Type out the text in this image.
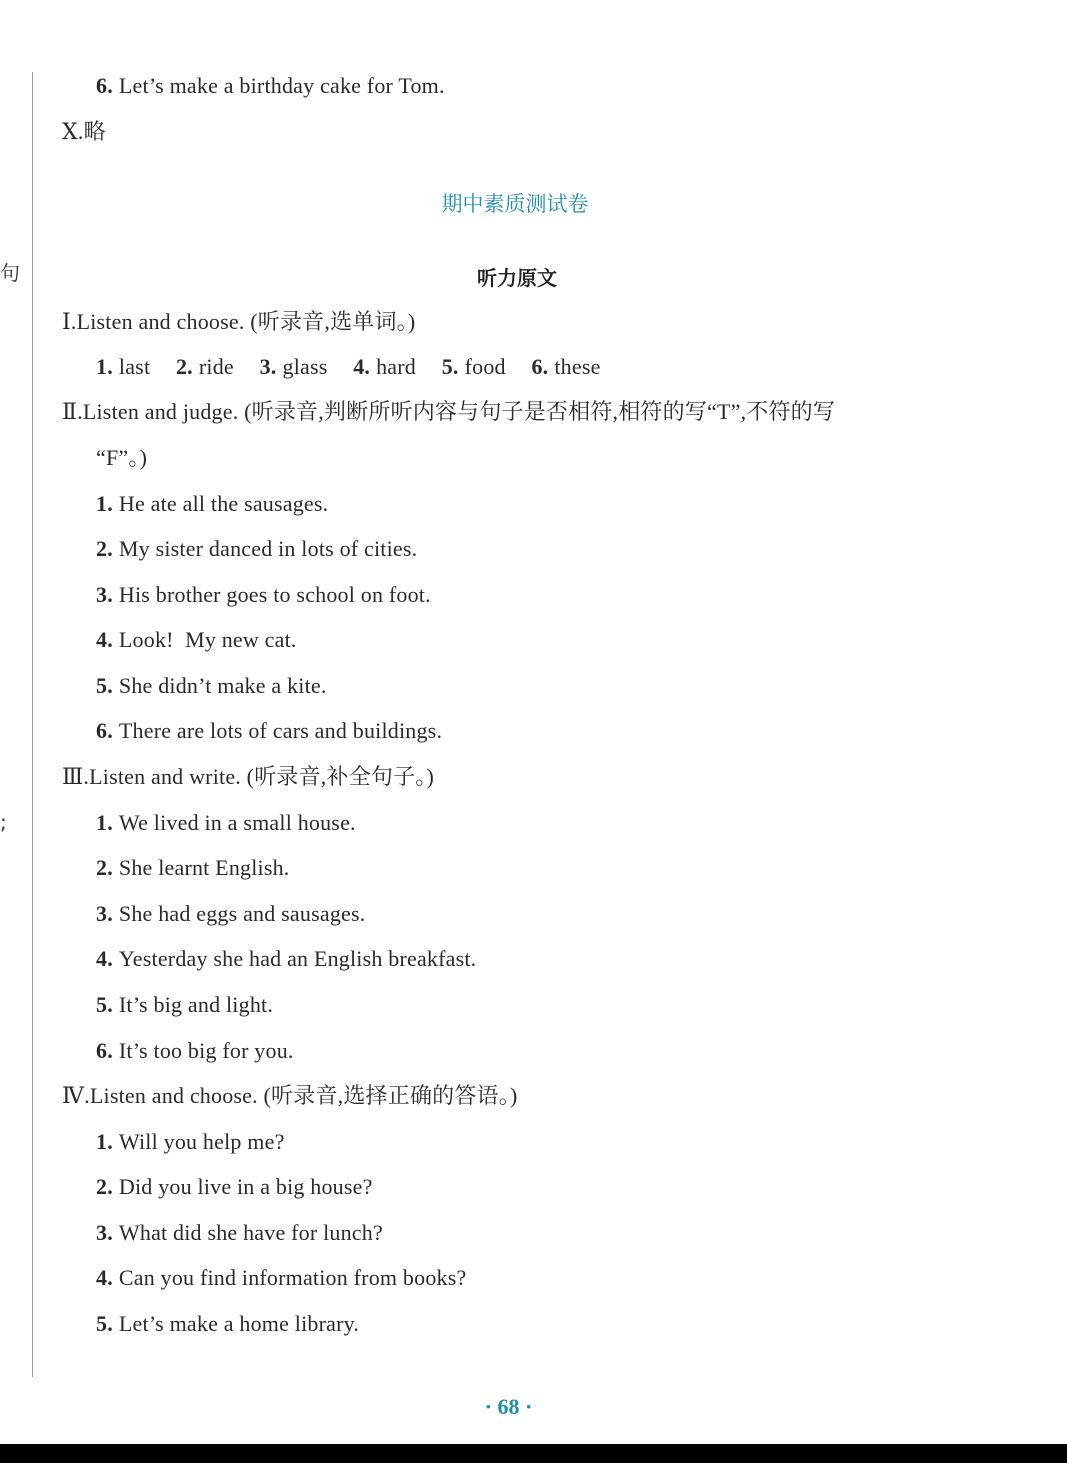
句
;
6. Let’s make a birthday cake for Tom.
Ⅹ.略
期中素质测试卷
听力原文
Ⅰ.Listen and choose. (听录音,选单词。)
1. last 2. ride 3. glass 4. hard 5. food 6. these
Ⅱ.Listen and judge. (听录音,判断所听内容与句子是否相符,相符的写“T”,不符的写
“F”。)
1. He ate all the sausages.
2. My sister danced in lots of cities.
3. His brother goes to school on foot.
4. Look!  My new cat.
5. She didn’t make a kite.
6. There are lots of cars and buildings.
Ⅲ.Listen and write. (听录音,补全句子。)
1. We lived in a small house.
2. She learnt English.
3. She had eggs and sausages.
4. Yesterday she had an English breakfast.
5. It’s big and light.
6. It’s too big for you.
Ⅳ.Listen and choose. (听录音,选择正确的答语。)
1. Will you help me?
2. Did you live in a big house?
3. What did she have for lunch?
4. Can you find information from books?
5. Let’s make a home library.
· 68 ·
